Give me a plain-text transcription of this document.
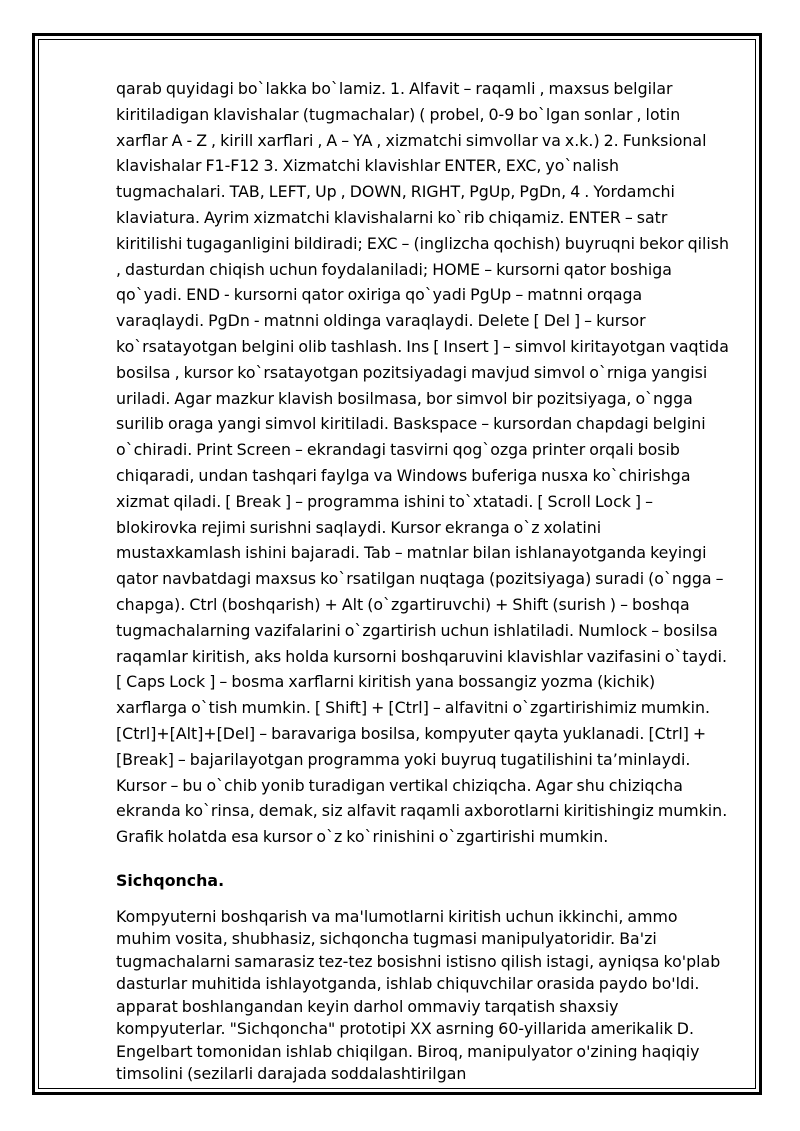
qarab quyidagi bo`lakka bo`lamiz. 1. Alfavit – raqamli , maxsus belgilar kiritiladigan klavishalar (tugmachalar) ( probel, 0-9 bo`lgan sonlar , lotin xarflar A - Z , kirill xarflari , A – YA , xizmatchi simvollar va x.k.) 2. Funksional klavishalar F1-F12 3. Xizmatchi klavishlar ENTER, EXC, yo`nalish tugmachalari. TAB, LEFT, Up , DOWN, RIGHT, PgUp, PgDn, 4 . Yordamchi klaviatura. Ayrim xizmatchi klavishalarni ko`rib chiqamiz. ENTER – satr kiritilishi tugaganligini bildiradi; EXC – (inglizcha qochish) buyruqni bekor qilish , dasturdan chiqish uchun foydalaniladi; HOME – kursorni qator boshiga qo`yadi. END - kursorni qator oxiriga qo`yadi PgUp – matnni orqaga varaqlaydi. PgDn - matnni oldinga varaqlaydi. Delete [ Del ] – kursor ko`rsatayotgan belgini olib tashlash. Ins [ Insert ] – simvol kiritayotgan vaqtida bosilsa , kursor ko`rsatayotgan pozitsiyadagi mavjud simvol o`rniga yangisi uriladi. Agar mazkur klavish bosilmasa, bor simvol bir pozitsiyaga, o`ngga surilib oraga yangi simvol kiritiladi. Baskspace – kursordan chapdagi belgini o`chiradi. Print Screen – ekrandagi tasvirni qog`ozga printer orqali bosib chiqaradi, undan tashqari faylga va Windows buferiga nusxa ko`chirishga xizmat qiladi. [ Break ] – programma ishini to`xtatadi. [ Scroll Lock ] – blokirovka rejimi surishni saqlaydi. Kursor ekranga o`z xolatini mustaxkamlash ishini bajaradi. Tab – matnlar bilan ishlanayotganda keyingi qator navbatdagi maxsus ko`rsatilgan nuqtaga (pozitsiyaga) suradi (o`ngga – chapga). Ctrl (boshqarish) + Alt (o`zgartiruvchi) + Shift (surish ) – boshqa tugmachalarning vazifalarini o`zgartirish uchun ishlatiladi. Numlock – bosilsa raqamlar kiritish, aks holda kursorni boshqaruvini klavishlar vazifasini o`taydi. [ Caps Lock ] – bosma xarflarni kiritish yana bossangiz yozma (kichik) xarflarga o`tish mumkin. [ Shift] + [Ctrl] – alfavitni o`zgartirishimiz mumkin. [Ctrl]+[Alt]+[Del] – baravariga bosilsa, kompyuter qayta yuklanadi. [Ctrl] + [Break] – bajarilayotgan programma yoki buyruq tugatilishini ta’minlaydi. Kursor – bu o`chib yonib turadigan vertikal chiziqcha. Agar shu chiziqcha ekranda ko`rinsa, demak, siz alfavit raqamli axborotlarni kiritishingiz mumkin. Grafik holatda esa kursor o`z ko`rinishini o`zgartirishi mumkin.

Sichqoncha.

Kompyuterni boshqarish va ma'lumotlarni kiritish uchun ikkinchi, ammo muhim vosita, shubhasiz, sichqoncha tugmasi manipulyatoridir. Ba'zi tugmachalarni samarasiz tez-tez bosishni istisno qilish istagi, ayniqsa ko'plab dasturlar muhitida ishlayotganda, ishlab chiquvchilar orasida paydo bo'ldi. apparat boshlangandan keyin darhol ommaviy tarqatish shaxsiy kompyuterlar. "Sichqoncha" prototipi XX asrning 60-yillarida amerikalik D. Engelbart tomonidan ishlab chiqilgan. Biroq, manipulyator o'zining haqiqiy timsolini (sezilarli darajada soddalashtirilgan
